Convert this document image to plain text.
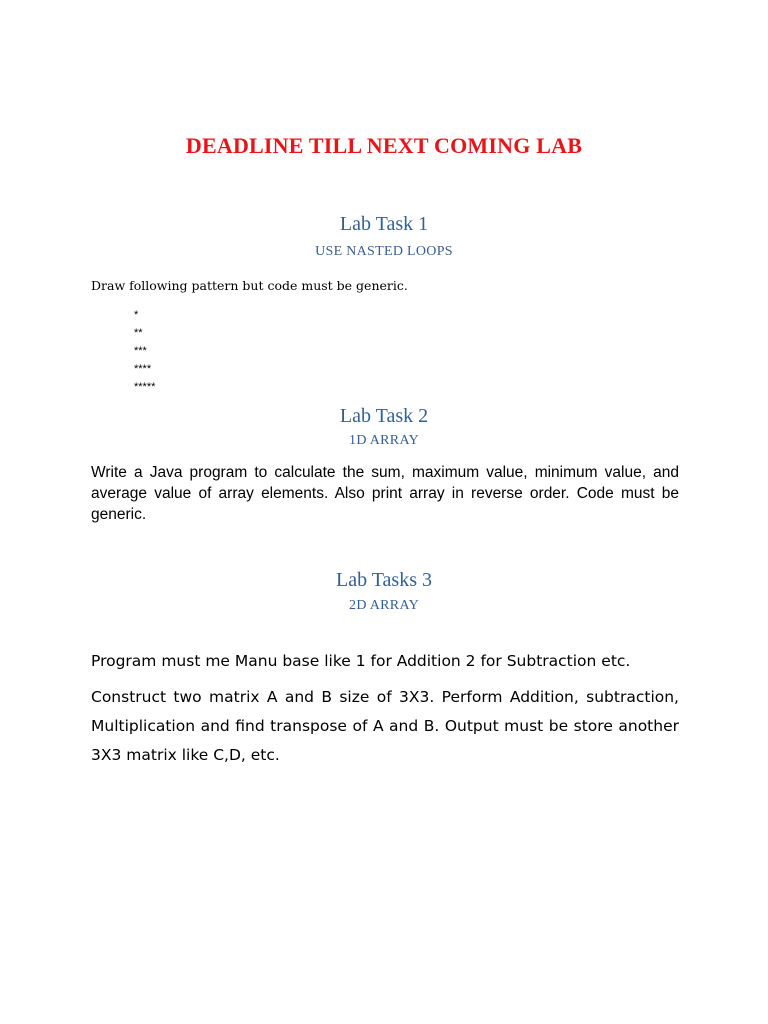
DEADLINE TILL NEXT COMING LAB
Lab Task 1
USE NASTED LOOPS
Draw following pattern but code must be generic.
*
**
***
****
*****
Lab Task 2
1D ARRAY

Write a Java program to calculate the sum, maximum value, minimum value, and average value of array elements. Also print array in reverse order. Code must be generic.

Lab Tasks 3
2D ARRAY

Program must me Manu base like 1 for Addition 2 for Subtraction etc.

Construct two matrix A and B size of 3X3. Perform Addition, subtraction, Multiplication and find transpose of A and B. Output must be store another 3X3 matrix like C,D, etc.
